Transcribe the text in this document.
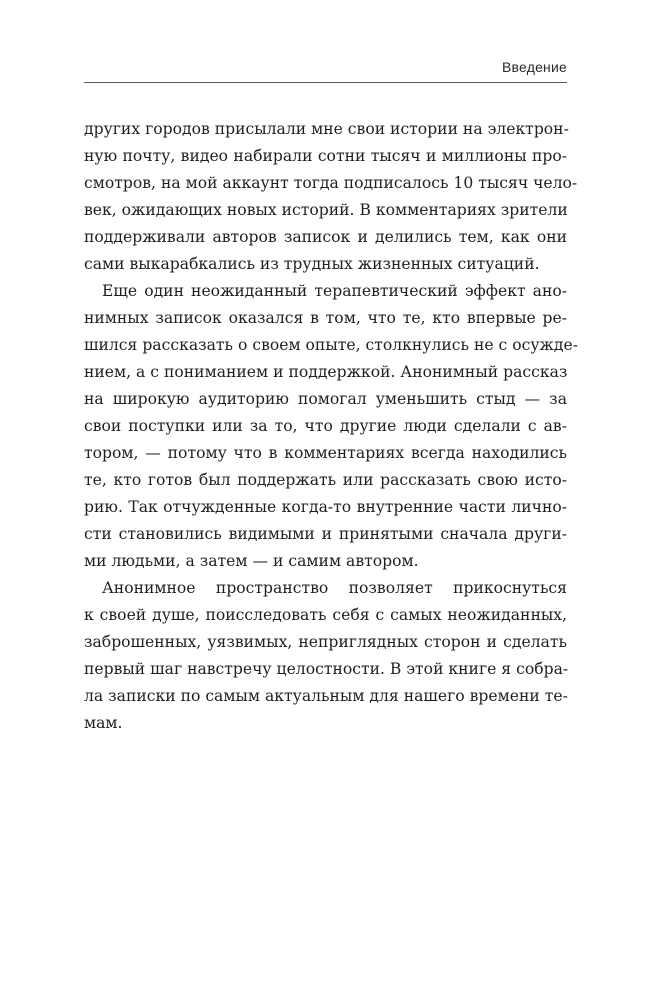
Введение
других городов присылали мне свои истории на электрон-
ную почту, видео набирали сотни тысяч и миллионы про-
смотров, на мой аккаунт тогда подписалось 10 тысяч чело-
век, ожидающих новых историй. В комментариях зрители
поддерживали авторов записок и делились тем, как они
сами выкарабкались из трудных жизненных ситуаций.
Еще один неожиданный терапевтический эффект ано-
нимных записок оказался в том, что те, кто впервые ре-
шился рассказать о своем опыте, столкнулись не с осужде-
нием, а с пониманием и поддержкой. Анонимный рассказ
на широкую аудиторию помогал уменьшить стыд — за
свои поступки или за то, что другие люди сделали с ав-
тором, — потому что в комментариях всегда находились
те, кто готов был поддержать или рассказать свою исто-
рию. Так отчужденные когда-то внутренние части лично-
сти становились видимыми и принятыми сначала други-
ми людьми, а затем — и самим автором.
Анонимное пространство позволяет прикоснуться
к своей душе, поисследовать себя с самых неожиданных,
заброшенных, уязвимых, неприглядных сторон и сделать
первый шаг навстречу целостности. В этой книге я собра-
ла записки по самым актуальным для нашего времени те-
мам.
